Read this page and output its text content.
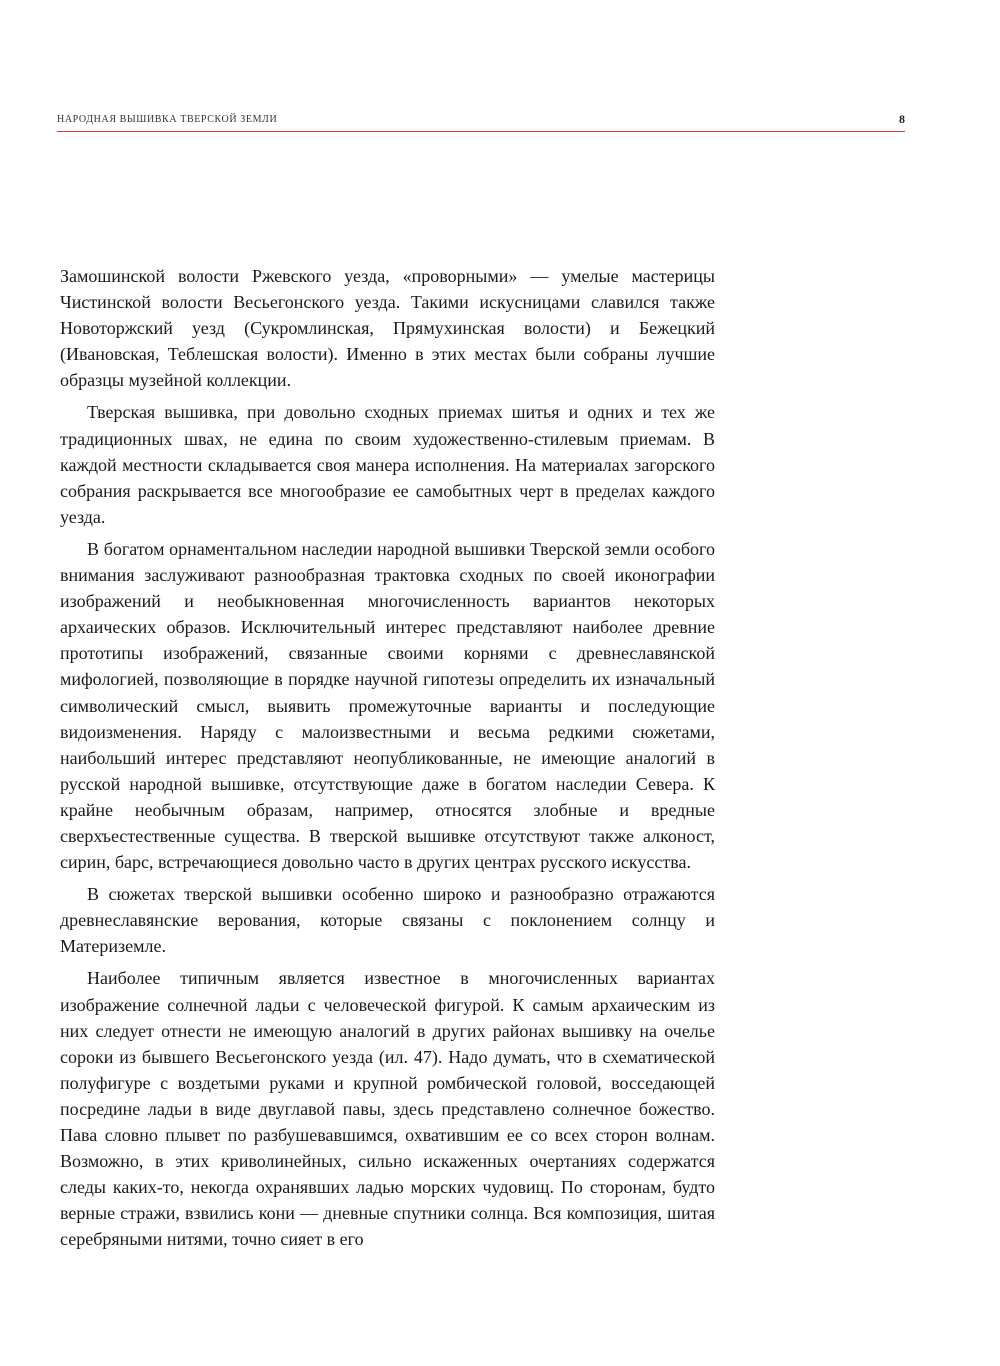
НАРОДНАЯ ВЫШИВКА ТВЕРСКОЙ ЗЕМЛИ	8

Замошинской волости Ржевского уезда, «проворными» — умелые мастерицы Чистинской волости Весьегонского уезда. Такими искусницами славился также Новоторжский уезд (Сукромлинская, Прямухинская волости) и Бежецкий (Ивановская, Теблешская волости). Именно в этих местах были собраны лучшие образцы музейной коллекции.

Тверская вышивка, при довольно сходных приемах шитья и одних и тех же традиционных швах, не едина по своим художественно-стилевым приемам. В каждой местности складывается своя манера исполнения. На материалах загорского собрания раскрывается все многообразие ее самобытных черт в пределах каждого уезда.

В богатом орнаментальном наследии народной вышивки Тверской земли особого внимания заслуживают разнообразная трактовка сходных по своей иконографии изображений и необыкновенная многочисленность вариантов некоторых архаических образов. Исключительный интерес представляют наиболее древние прототипы изображений, связанные своими корнями с древнеславянской мифологией, позволяющие в порядке научной гипотезы определить их изначальный символический смысл, выявить промежуточные варианты и последующие видоизменения. Наряду с малоизвестными и весьма редкими сюжетами, наибольший интерес представляют неопубликованные, не имеющие аналогий в русской народной вышивке, отсутствующие даже в богатом наследии Севера. К крайне необычным образам, например, относятся злобные и вредные сверхъестественные существа. В тверской вышивке отсутствуют также алконост, сирин, барс, встречающиеся довольно часто в других центрах русского искусства.

В сюжетах тверской вышивки особенно широко и разнообразно отражаются древнеславянские верования, которые связаны с поклонением солнцу и Материземле.

Наиболее типичным является известное в многочисленных вариантах изображение солнечной ладьи с человеческой фигурой. К самым архаическим из них следует отнести не имеющую аналогий в других районах вышивку на очелье сороки из бывшего Весьегонского уезда (ил. 47). Надо думать, что в схематической полуфигуре с воздетыми руками и крупной ромбической головой, восседающей посредине ладьи в виде двуглавой павы, здесь представлено солнечное божество. Пава словно плывет по разбушевавшимся, охватившим ее со всех сторон волнам. Возможно, в этих криволинейных, сильно искаженных очертаниях содержатся следы каких-то, некогда охранявших ладью морских чудовищ. По сторонам, будто верные стражи, взвились кони — дневные спутники солнца. Вся композиция, шитая серебряными нитями, точно сияет в его
